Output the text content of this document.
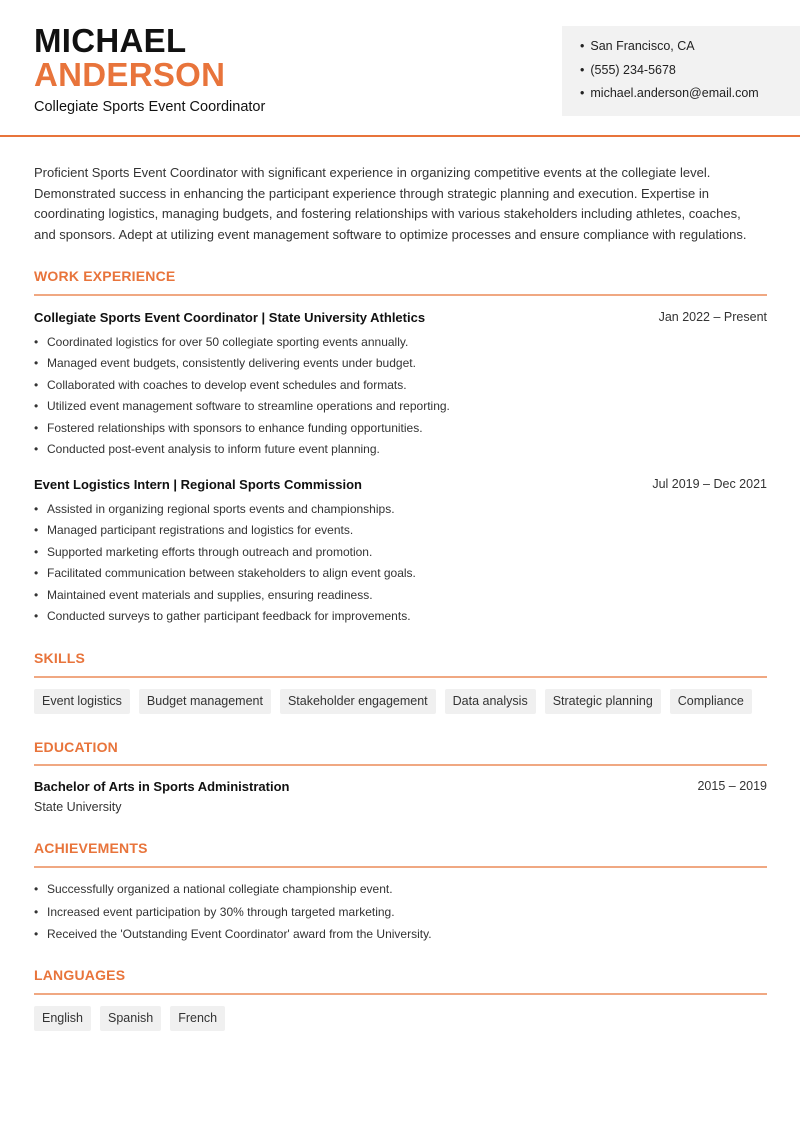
MICHAEL
ANDERSON
Collegiate Sports Event Coordinator
• San Francisco, CA
• (555) 234-5678
• michael.anderson@email.com

Proficient Sports Event Coordinator with significant experience in organizing competitive events at the collegiate level. Demonstrated success in enhancing the participant experience through strategic planning and execution. Expertise in coordinating logistics, managing budgets, and fostering relationships with various stakeholders including athletes, coaches, and sponsors. Adept at utilizing event management software to optimize processes and ensure compliance with regulations.

WORK EXPERIENCE
Collegiate Sports Event Coordinator | State University Athletics	Jan 2022 – Present
• Coordinated logistics for over 50 collegiate sporting events annually.
• Managed event budgets, consistently delivering events under budget.
• Collaborated with coaches to develop event schedules and formats.
• Utilized event management software to streamline operations and reporting.
• Fostered relationships with sponsors to enhance funding opportunities.
• Conducted post-event analysis to inform future event planning.
Event Logistics Intern | Regional Sports Commission	Jul 2019 – Dec 2021
• Assisted in organizing regional sports events and championships.
• Managed participant registrations and logistics for events.
• Supported marketing efforts through outreach and promotion.
• Facilitated communication between stakeholders to align event goals.
• Maintained event materials and supplies, ensuring readiness.
• Conducted surveys to gather participant feedback for improvements.
SKILLS
Event logistics	Budget management	Stakeholder engagement	Data analysis	Strategic planning	Compliance
EDUCATION
Bachelor of Arts in Sports Administration	2015 – 2019
State University
ACHIEVEMENTS
• Successfully organized a national collegiate championship event.
• Increased event participation by 30% through targeted marketing.
• Received the 'Outstanding Event Coordinator' award from the University.
LANGUAGES
English	Spanish	French
